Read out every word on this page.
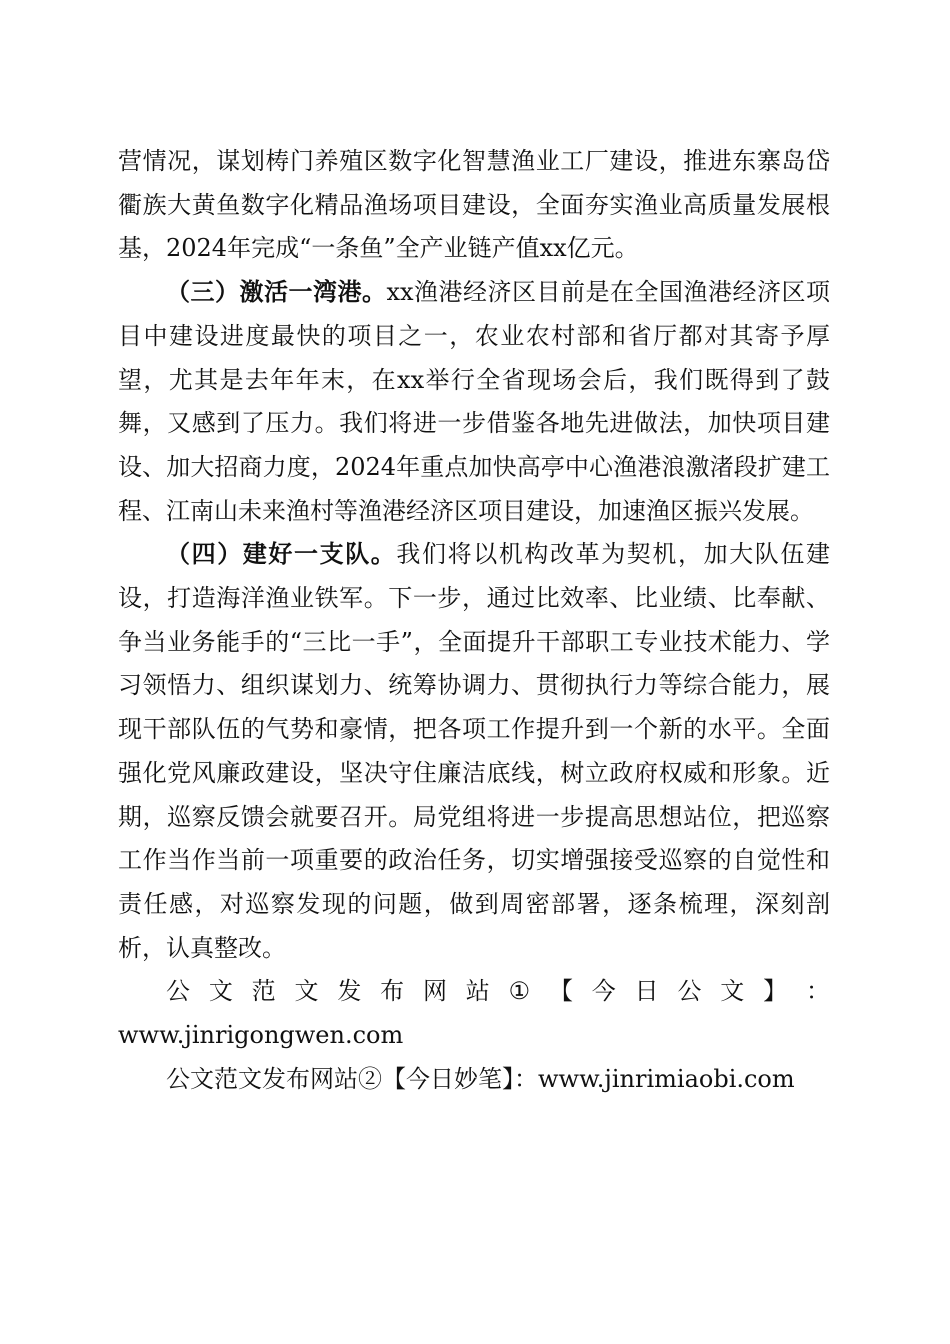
营情况，谋划梼门养殖区数字化智慧渔业工厂建设，推进东寨岛岱衢族大黄鱼数字化精品渔场项目建设，全面夯实渔业高质量发展根基，2024年完成“一条鱼”全产业链产值xx亿元。

（三）激活一湾港。xx渔港经济区目前是在全国渔港经济区项目中建设进度最快的项目之一，农业农村部和省厅都对其寄予厚望，尤其是去年年末，在xx举行全省现场会后，我们既得到了鼓舞，又感到了压力。我们将进一步借鉴各地先进做法，加快项目建设、加大招商力度，2024年重点加快高亭中心渔港浪激渚段扩建工程、江南山未来渔村等渔港经济区项目建设，加速渔区振兴发展。

（四）建好一支队。我们将以机构改革为契机，加大队伍建设，打造海洋渔业铁军。下一步，通过比效率、比业绩、比奉献、争当业务能手的“三比一手”，全面提升干部职工专业技术能力、学习领悟力、组织谋划力、统筹协调力、贯彻执行力等综合能力，展现干部队伍的气势和豪情，把各项工作提升到一个新的水平。全面强化党风廉政建设，坚决守住廉洁底线，树立政府权威和形象。近期，巡察反馈会就要召开。局党组将进一步提高思想站位，把巡察工作当作当前一项重要的政治任务，切实增强接受巡察的自觉性和责任感，对巡察发现的问题，做到周密部署，逐条梳理，深刻剖析，认真整改。

公 文 范 文 发 布 网 站 ① 【 今 日 公 文 】 ：

www.jinrigongwen.com

公文范文发布网站②【今日妙笔】：www.jinrimiaobi.com
